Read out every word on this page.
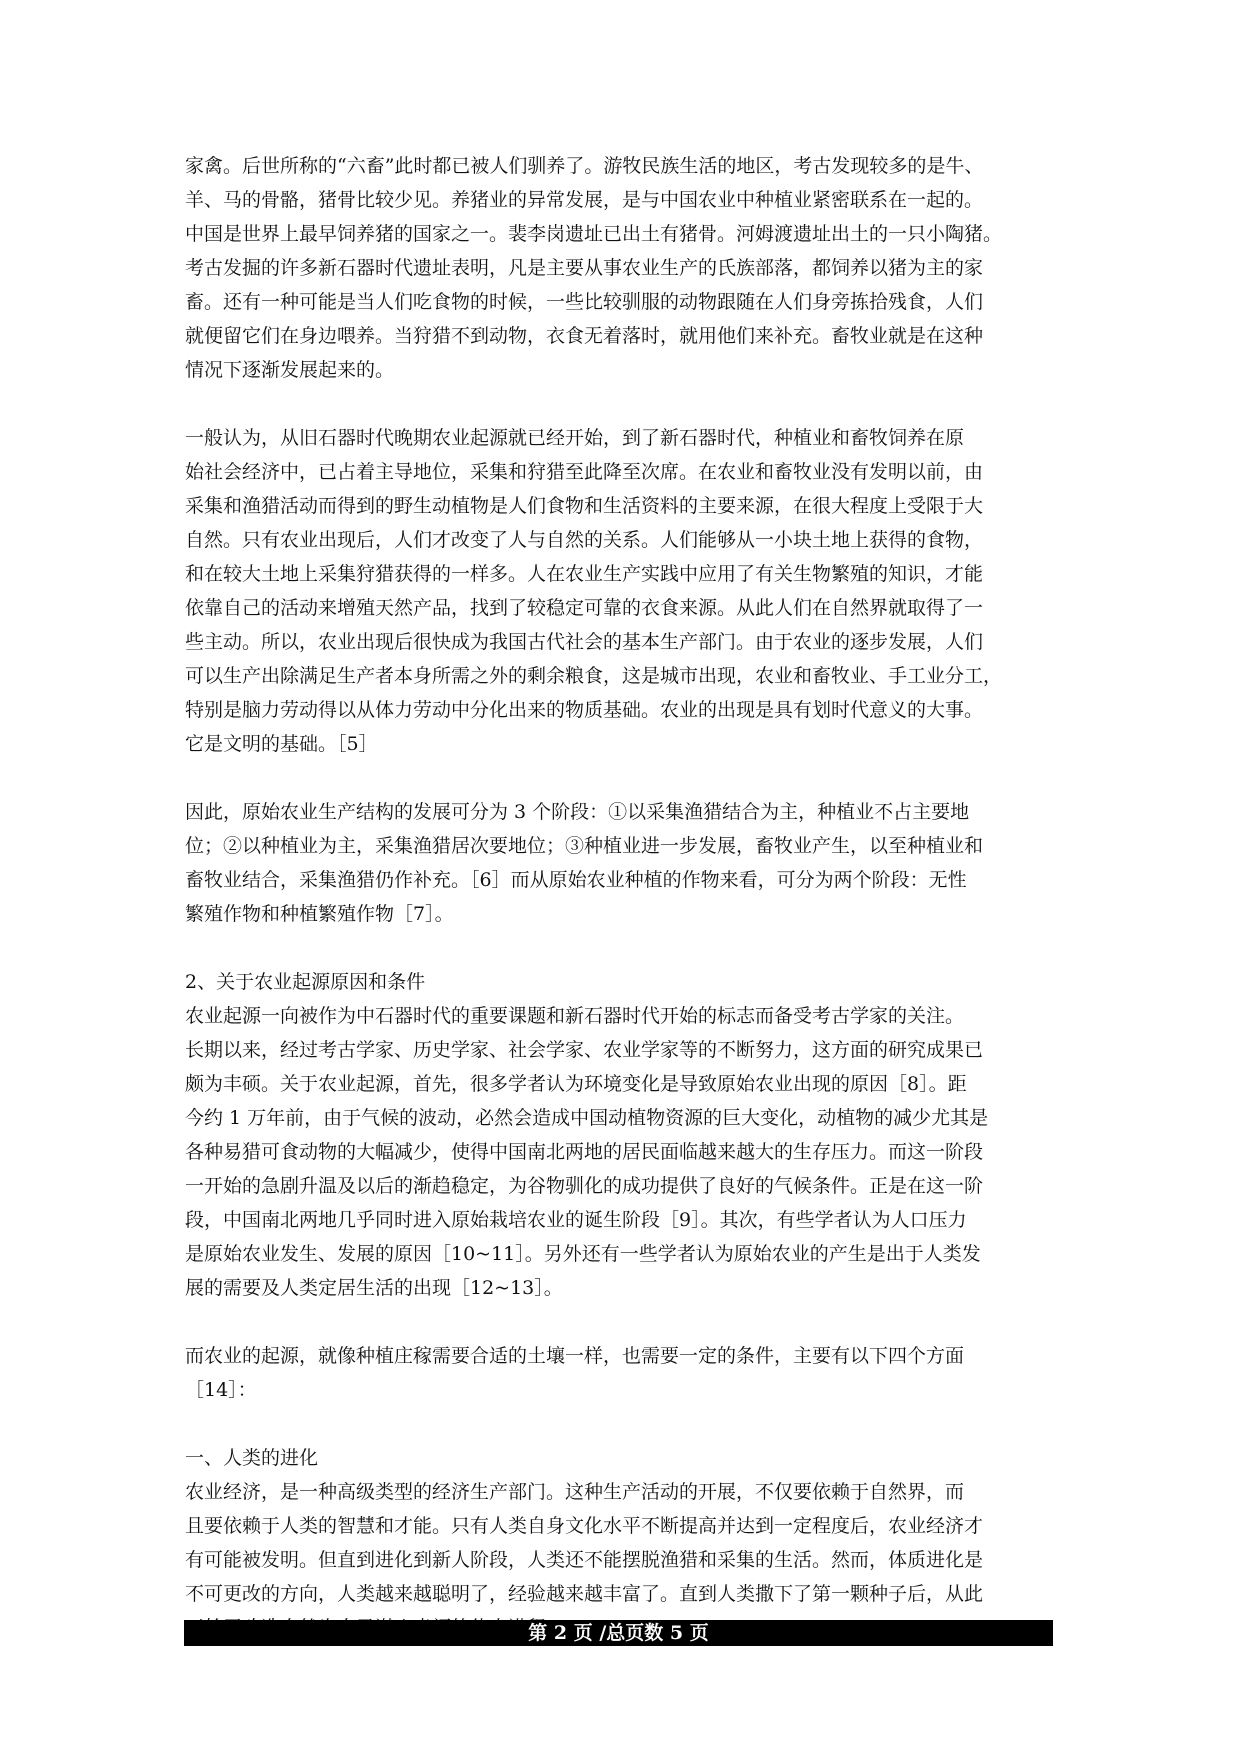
家禽。后世所称的“六畜”此时都已被人们驯养了。游牧民族生活的地区，考古发现较多的是牛、
羊、马的骨骼，猪骨比较少见。养猪业的异常发展，是与中国农业中种植业紧密联系在一起的。
中国是世界上最早饲养猪的国家之一。裴李岗遗址已出土有猪骨。河姆渡遗址出土的一只小陶猪。
考古发掘的许多新石器时代遗址表明，凡是主要从事农业生产的氏族部落，都饲养以猪为主的家
畜。还有一种可能是当人们吃食物的时候，一些比较驯服的动物跟随在人们身旁拣拾残食，人们
就便留它们在身边喂养。当狩猎不到动物，衣食无着落时，就用他们来补充。畜牧业就是在这种
情况下逐渐发展起来的。
一般认为，从旧石器时代晚期农业起源就已经开始，到了新石器时代，种植业和畜牧饲养在原
始社会经济中，已占着主导地位，采集和狩猎至此降至次席。在农业和畜牧业没有发明以前，由
采集和渔猎活动而得到的野生动植物是人们食物和生活资料的主要来源，在很大程度上受限于大
自然。只有农业出现后，人们才改变了人与自然的关系。人们能够从一小块土地上获得的食物，
和在较大土地上采集狩猎获得的一样多。人在农业生产实践中应用了有关生物繁殖的知识，才能
依靠自己的活动来增殖天然产品，找到了较稳定可靠的衣食来源。从此人们在自然界就取得了一
些主动。所以，农业出现后很快成为我国古代社会的基本生产部门。由于农业的逐步发展，人们
可以生产出除满足生产者本身所需之外的剩余粮食，这是城市出现，农业和畜牧业、手工业分工，
特别是脑力劳动得以从体力劳动中分化出来的物质基础。农业的出现是具有划时代意义的大事。
它是文明的基础。［5］
因此，原始农业生产结构的发展可分为 3 个阶段：①以采集渔猎结合为主，种植业不占主要地
位；②以种植业为主，采集渔猎居次要地位；③种植业进一步发展，畜牧业产生，以至种植业和
畜牧业结合，采集渔猎仍作补充。［6］而从原始农业种植的作物来看，可分为两个阶段：无性
繁殖作物和种植繁殖作物［7］。
2、关于农业起源原因和条件
农业起源一向被作为中石器时代的重要课题和新石器时代开始的标志而备受考古学家的关注。
长期以来，经过考古学家、历史学家、社会学家、农业学家等的不断努力，这方面的研究成果已
颇为丰硕。关于农业起源，首先，很多学者认为环境变化是导致原始农业出现的原因［8］。距
今约 1 万年前，由于气候的波动，必然会造成中国动植物资源的巨大变化，动植物的减少尤其是
各种易猎可食动物的大幅减少，使得中国南北两地的居民面临越来越大的生存压力。而这一阶段
一开始的急剧升温及以后的渐趋稳定，为谷物驯化的成功提供了良好的气候条件。正是在这一阶
段，中国南北两地几乎同时进入原始栽培农业的诞生阶段［9］。其次，有些学者认为人口压力
是原始农业发生、发展的原因［10~11］。另外还有一些学者认为原始农业的产生是出于人类发
展的需要及人类定居生活的出现［12~13］。
而农业的起源，就像种植庄稼需要合适的土壤一样，也需要一定的条件，主要有以下四个方面
［14］：
一、人类的进化
农业经济，是一种高级类型的经济生产部门。这种生产活动的开展，不仅要依赖于自然界，而
且要依赖于人类的智慧和才能。只有人类自身文化水平不断提高并达到一定程度后，农业经济才
有可能被发明。但直到进化到新人阶段，人类还不能摆脱渔猎和采集的生活。然而，体质进化是
不可更改的方向，人类越来越聪明了，经验越来越丰富了。直到人类撒下了第一颗种子后，从此
第 2 页 /总页数 5 页
